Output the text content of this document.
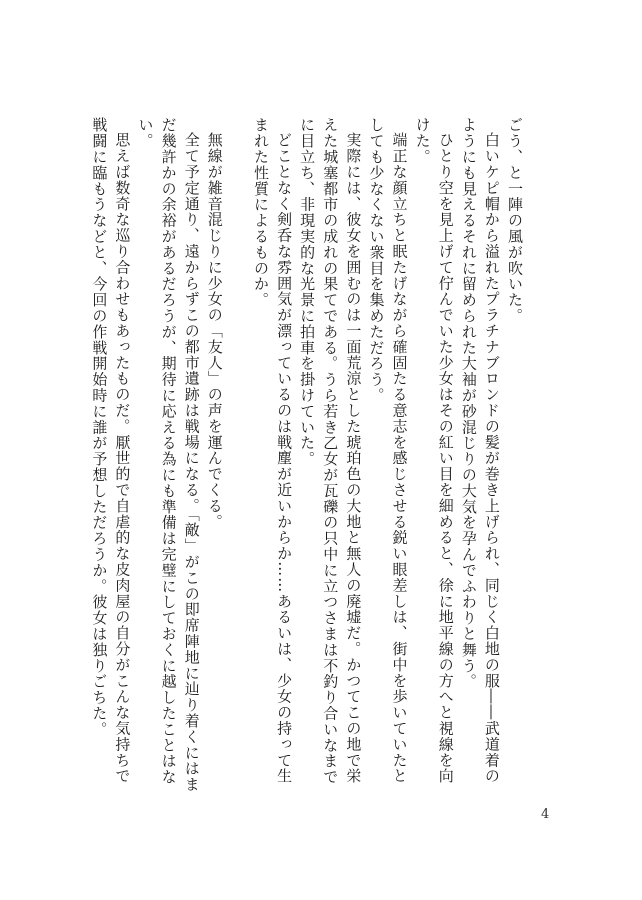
ごう、と一陣の風が吹いた。

白いケピ帽から溢れたプラチナブロンドの髪が巻き上げられ、同じく白地の服――武道着のようにも見えるそれに留められた大袖が砂混じりの大気を孕んでふわりと舞う。

ひとり空を見上げて佇んでいた少女はその紅い目を細めると、徐に地平線の方へと視線を向けた。

端正な顔立ちと眠たげながら確固たる意志を感じさせる鋭い眼差しは、街中を歩いていたとしても少なくない衆目を集めただろう。

実際には、彼女を囲むのは一面荒涼とした琥珀色の大地と無人の廃墟だ。かつてこの地で栄えた城塞都市の成れの果てである。うら若き乙女が瓦礫の只中に立つさまは不釣り合いなまでに目立ち、非現実的な光景に拍車を掛けていた。

どことなく剣呑な雰囲気が漂っているのは戦塵が近いからか……あるいは、少女の持って生まれた性質によるものか。

無線が雑音混じりに少女の「友人」の声を運んでくる。

全て予定通り、遠からずこの都市遺跡は戦場になる。「敵」がこの即席陣地に辿り着くにはまだ幾許かの余裕があるだろうが、期待に応える為にも準備は完璧にしておくに越したことはない。

思えば数奇な巡り合わせもあったものだ。厭世的で自虐的な皮肉屋の自分がこんな気持ちで戦闘に臨もうなどと、今回の作戦開始時に誰が予想しただろうか。彼女は独りごちた。

4
